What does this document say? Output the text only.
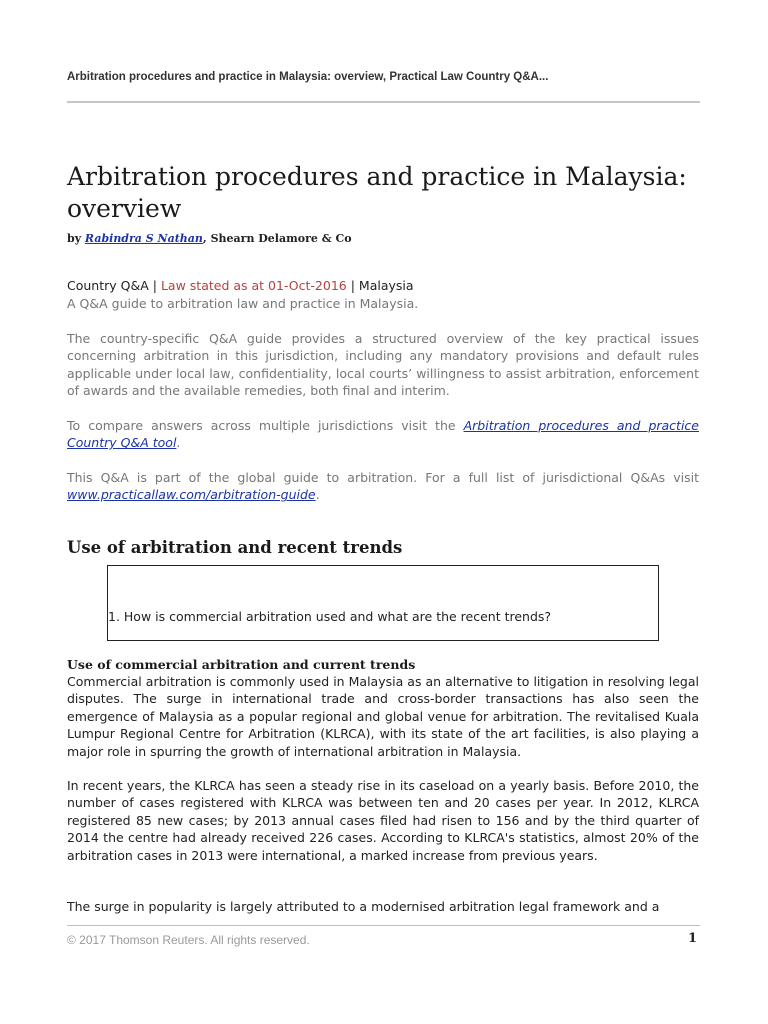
Arbitration procedures and practice in Malaysia: overview, Practical Law Country Q&A...
Arbitration procedures and practice in Malaysia: overview
by Rabindra S Nathan, Shearn Delamore & Co
Country Q&A | Law stated as at 01-Oct-2016 | Malaysia
A Q&A guide to arbitration law and practice in Malaysia.

The country-specific Q&A guide provides a structured overview of the key practical issues concerning arbitration in this jurisdiction, including any mandatory provisions and default rules applicable under local law, confidentiality, local courts’ willingness to assist arbitration, enforcement of awards and the available remedies, both final and interim.

To compare answers across multiple jurisdictions visit the Arbitration procedures and practice Country Q&A tool.

This Q&A is part of the global guide to arbitration. For a full list of jurisdictional Q&As visit www.practicallaw.com/arbitration-guide.

Use of arbitration and recent trends
1. How is commercial arbitration used and what are the recent trends?
Use of commercial arbitration and current trends

Commercial arbitration is commonly used in Malaysia as an alternative to litigation in resolving legal disputes. The surge in international trade and cross-border transactions has also seen the emergence of Malaysia as a popular regional and global venue for arbitration. The revitalised Kuala Lumpur Regional Centre for Arbitration (KLRCA), with its state of the art facilities, is also playing a major role in spurring the growth of international arbitration in Malaysia.

In recent years, the KLRCA has seen a steady rise in its caseload on a yearly basis. Before 2010, the number of cases registered with KLRCA was between ten and 20 cases per year. In 2012, KLRCA registered 85 new cases; by 2013 annual cases filed had risen to 156 and by the third quarter of 2014 the centre had already received 226 cases. According to KLRCA's statistics, almost 20% of the arbitration cases in 2013 were international, a marked increase from previous years.

The surge in popularity is largely attributed to a modernised arbitration legal framework and a

© 2017 Thomson Reuters. All rights reserved.	1
